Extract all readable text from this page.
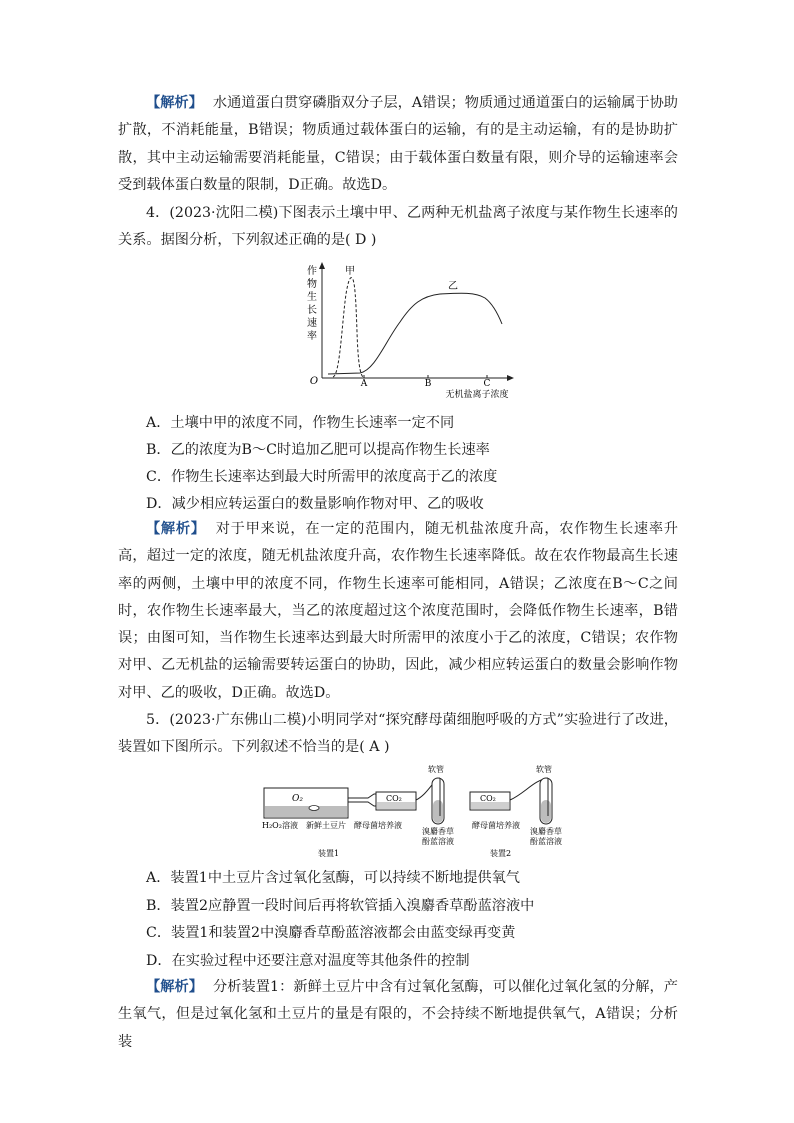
【解析】 水通道蛋白贯穿磷脂双分子层，A错误；物质通过通道蛋白的运输属于协助扩散，不消耗能量，B错误；物质通过载体蛋白的运输，有的是主动运输，有的是协助扩散，其中主动运输需要消耗能量，C错误；由于载体蛋白数量有限，则介导的运输速率会受到载体蛋白数量的限制，D正确。故选D。

4．(2023·沈阳二模)下图表示土壤中甲、乙两种无机盐离子浓度与某作物生长速率的关系。据图分析，下列叙述正确的是( D )

作
物
生
长
速
率
O	A	B	C
无机盐离子浓度
甲
乙

A．土壤中甲的浓度不同，作物生长速率一定不同

B．乙的浓度为B～C时追加乙肥可以提高作物生长速率

C．作物生长速率达到最大时所需甲的浓度高于乙的浓度

D．减少相应转运蛋白的数量影响作物对甲、乙的吸收

【解析】 对于甲来说，在一定的范围内，随无机盐浓度升高，农作物生长速率升高，超过一定的浓度，随无机盐浓度升高，农作物生长速率降低。故在农作物最高生长速率的两侧，土壤中甲的浓度不同，作物生长速率可能相同，A错误；乙浓度在B～C之间时，农作物生长速率最大，当乙的浓度超过这个浓度范围时，会降低作物生长速率，B错误；由图可知，当作物生长速率达到最大时所需甲的浓度小于乙的浓度，C错误；农作物对甲、乙无机盐的运输需要转运蛋白的协助，因此，减少相应转运蛋白的数量会影响作物对甲、乙的吸收，D正确。故选D。

5．(2023·广东佛山二模)小明同学对“探究酵母菌细胞呼吸的方式”实验进行了改进，装置如下图所示。下列叙述不恰当的是( A )

O₂
H₂O₂溶液 新鲜土豆片
CO₂
酵母菌培养液
软管
溴麝香草
酚蓝溶液
装置1
CO₂
酵母菌培养液
软管
溴麝香草
酚蓝溶液
装置2

A．装置1中土豆片含过氧化氢酶，可以持续不断地提供氧气

B．装置2应静置一段时间后再将软管插入溴麝香草酚蓝溶液中

C．装置1和装置2中溴麝香草酚蓝溶液都会由蓝变绿再变黄

D．在实验过程中还要注意对温度等其他条件的控制

【解析】 分析装置1：新鲜土豆片中含有过氧化氢酶，可以催化过氧化氢的分解，产生氧气，但是过氧化氢和土豆片的量是有限的，不会持续不断地提供氧气，A错误；分析装
